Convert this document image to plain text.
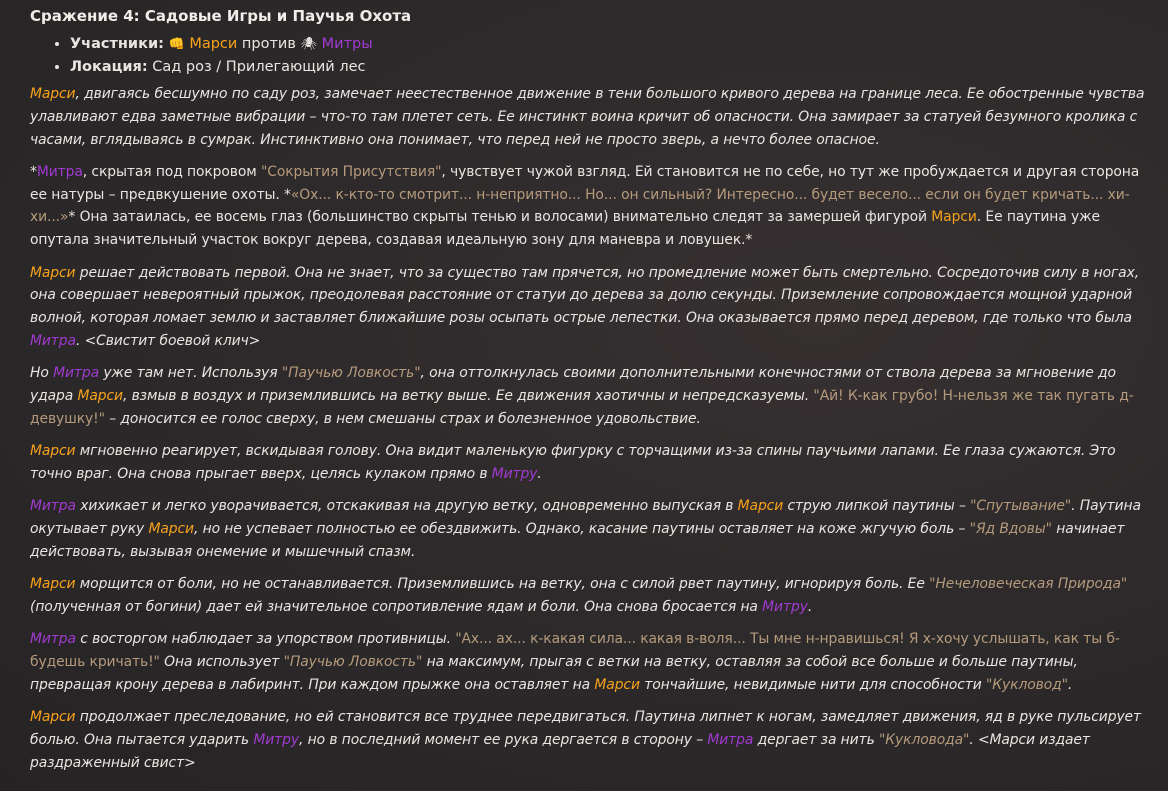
Сражение 4: Садовые Игры и Паучья Охота
• Участники: 👊 Марси против 🕷 Митры
• Локация: Сад роз / Прилегающий лес

Марси, двигаясь бесшумно по саду роз, замечает неестественное движение в тени большого кривого дерева на границе леса. Ее обостренные чувства улавливают едва заметные вибрации – что-то там плетет сеть. Ее инстинкт воина кричит об опасности. Она замирает за статуей безумного кролика с часами, вглядываясь в сумрак. Инстинктивно она понимает, что перед ней не просто зверь, а нечто более опасное.

*Митра, скрытая под покровом "Сокрытия Присутствия", чувствует чужой взгляд. Ей становится не по себе, но тут же пробуждается и другая сторона ее натуры – предвкушение охоты. *«Ох... к-кто-то смотрит... н-неприятно... Но... он сильный? Интересно... будет весело... если он будет кричать... хи-хи...»* Она затаилась, ее восемь глаз (большинство скрыты тенью и волосами) внимательно следят за замершей фигурой Марси. Ее паутина уже опутала значительный участок вокруг дерева, создавая идеальную зону для маневра и ловушек.*

Марси решает действовать первой. Она не знает, что за существо там прячется, но промедление может быть смертельно. Сосредоточив силу в ногах, она совершает невероятный прыжок, преодолевая расстояние от статуи до дерева за долю секунды. Приземление сопровождается мощной ударной волной, которая ломает землю и заставляет ближайшие розы осыпать острые лепестки. Она оказывается прямо перед деревом, где только что была Митра. <Свистит боевой клич>

Но Митра уже там нет. Используя "Паучью Ловкость", она оттолкнулась своими дополнительными конечностями от ствола дерева за мгновение до удара Марси, взмыв в воздух и приземлившись на ветку выше. Ее движения хаотичны и непредсказуемы. "Ай! К-как грубо! Н-нельзя же так пугать д-девушку!" – доносится ее голос сверху, в нем смешаны страх и болезненное удовольствие.

Марси мгновенно реагирует, вскидывая голову. Она видит маленькую фигурку с торчащими из-за спины паучьими лапами. Ее глаза сужаются. Это точно враг. Она снова прыгает вверх, целясь кулаком прямо в Митру.

Митра хихикает и легко уворачивается, отскакивая на другую ветку, одновременно выпуская в Марси струю липкой паутины – "Спутывание". Паутина окутывает руку Марси, но не успевает полностью ее обездвижить. Однако, касание паутины оставляет на коже жгучую боль – "Яд Вдовы" начинает действовать, вызывая онемение и мышечный спазм.

Марси морщится от боли, но не останавливается. Приземлившись на ветку, она с силой рвет паутину, игнорируя боль. Ее "Нечеловеческая Природа" (полученная от богини) дает ей значительное сопротивление ядам и боли. Она снова бросается на Митру.

Митра с восторгом наблюдает за упорством противницы. "Ах... ах... к-какая сила... какая в-воля... Ты мне н-нравишься! Я х-хочу услышать, как ты б-будешь кричать!" Она использует "Паучью Ловкость" на максимум, прыгая с ветки на ветку, оставляя за собой все больше и больше паутины, превращая крону дерева в лабиринт. При каждом прыжке она оставляет на Марси тончайшие, невидимые нити для способности "Кукловод".

Марси продолжает преследование, но ей становится все труднее передвигаться. Паутина липнет к ногам, замедляет движения, яд в руке пульсирует болью. Она пытается ударить Митру, но в последний момент ее рука дергается в сторону – Митра дергает за нить "Кукловода". <Марси издает раздраженный свист>
